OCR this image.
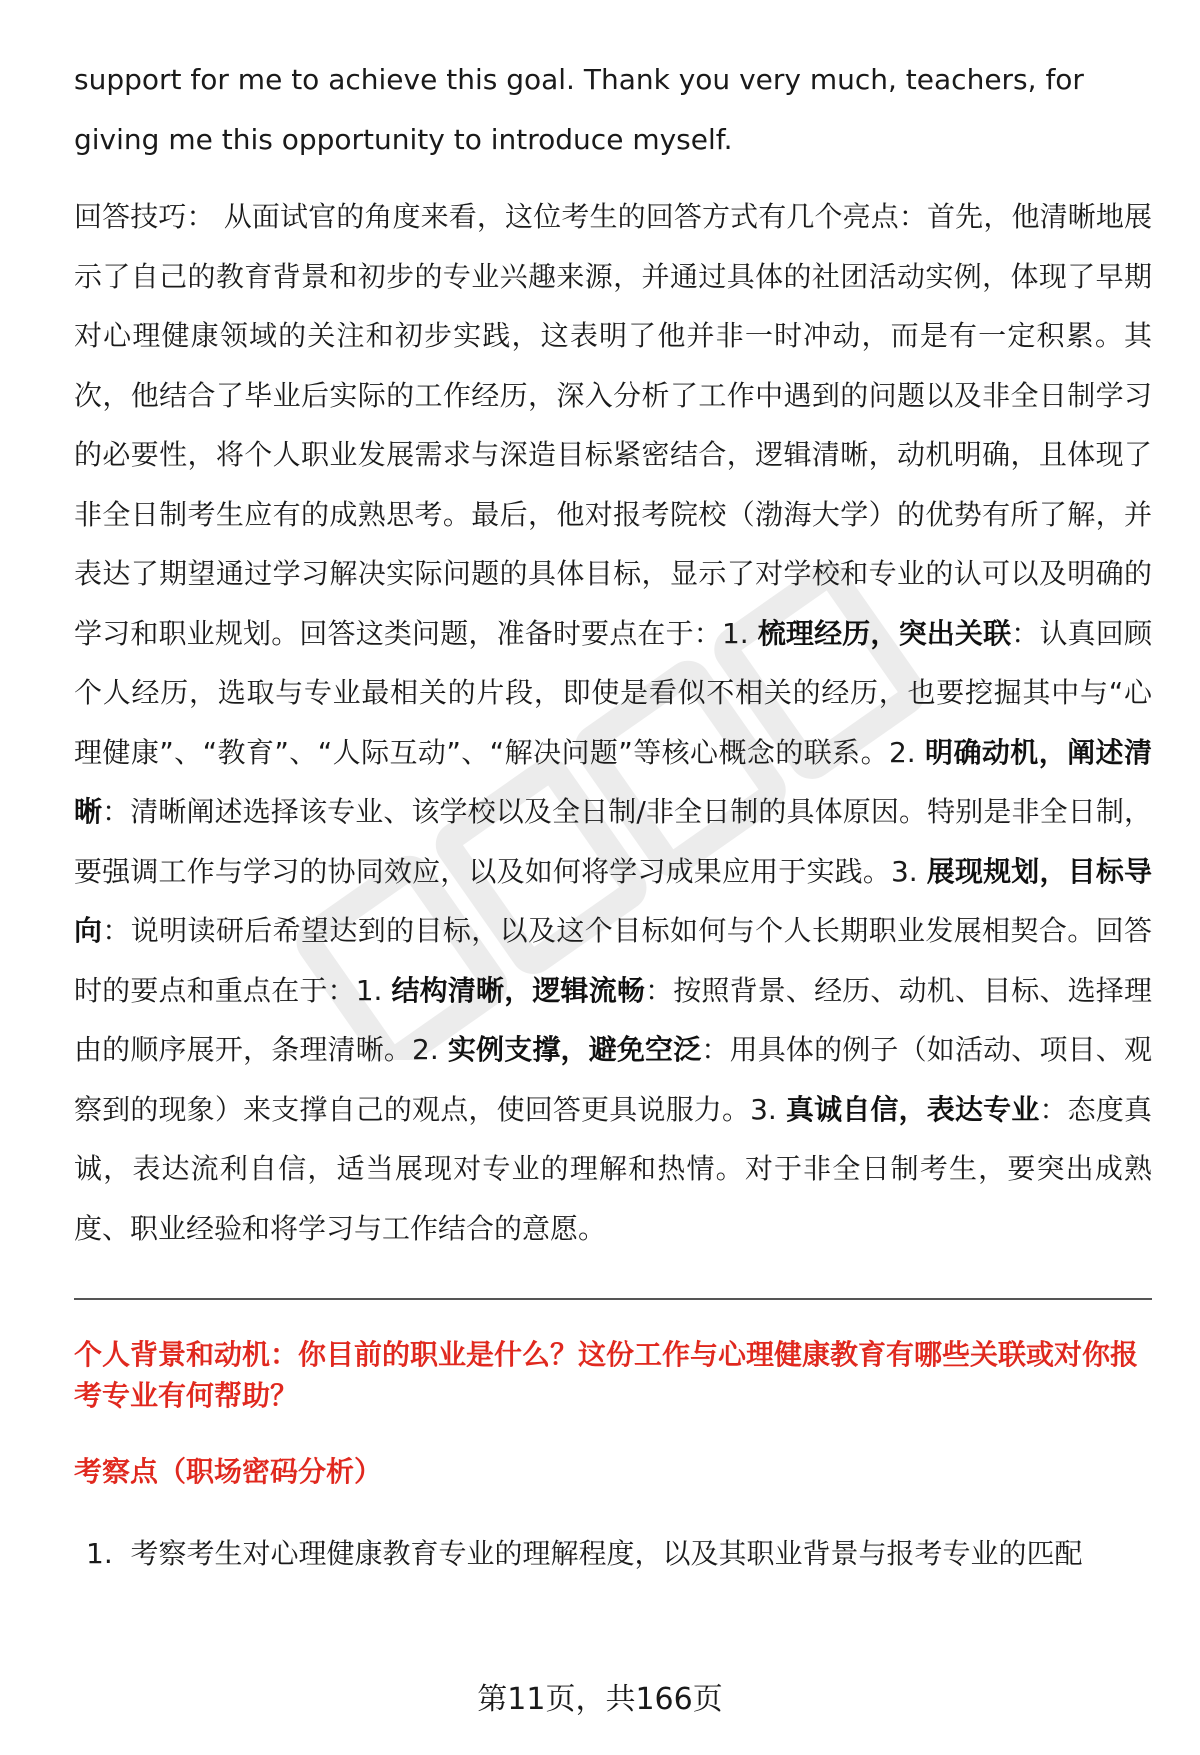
support for me to achieve this goal. Thank you very much, teachers, for

giving me this opportunity to introduce myself.

回答技巧： 从面试官的角度来看，这位考生的回答方式有几个亮点：首先，他清晰地展示了自己的教育背景和初步的专业兴趣来源，并通过具体的社团活动实例，体现了早期对心理健康领域的关注和初步实践，这表明了他并非一时冲动，而是有一定积累。其次，他结合了毕业后实际的工作经历，深入分析了工作中遇到的问题以及非全日制学习的必要性，将个人职业发展需求与深造目标紧密结合，逻辑清晰，动机明确，且体现了非全日制考生应有的成熟思考。最后，他对报考院校（渤海大学）的优势有所了解，并表达了期望通过学习解决实际问题的具体目标，显示了对学校和专业的认可以及明确的学习和职业规划。回答这类问题，准备时要点在于：1. 梳理经历，突出关联：认真回顾个人经历，选取与专业最相关的片段，即使是看似不相关的经历，也要挖掘其中与“心理健康”、“教育”、“人际互动”、“解决问题”等核心概念的联系。2. 明确动机，阐述清晰：清晰阐述选择该专业、该学校以及全日制/非全日制的具体原因。特别是非全日制，要强调工作与学习的协同效应，以及如何将学习成果应用于实践。3. 展现规划，目标导向：说明读研后希望达到的目标，以及这个目标如何与个人长期职业发展相契合。回答时的要点和重点在于：1. 结构清晰，逻辑流畅：按照背景、经历、动机、目标、选择理由的顺序展开，条理清晰。2. 实例支撑，避免空泛：用具体的例子（如活动、项目、观察到的现象）来支撑自己的观点，使回答更具说服力。3. 真诚自信，表达专业：态度真诚，表达流利自信，适当展现对专业的理解和热情。对于非全日制考生，要突出成熟度、职业经验和将学习与工作结合的意愿。

个人背景和动机：你目前的职业是什么？这份工作与心理健康教育有哪些关联或对你报考专业有何帮助？

考察点（职场密码分析）

1. 考察考生对心理健康教育专业的理解程度，以及其职业背景与报考专业的匹配

第11页，共166页
